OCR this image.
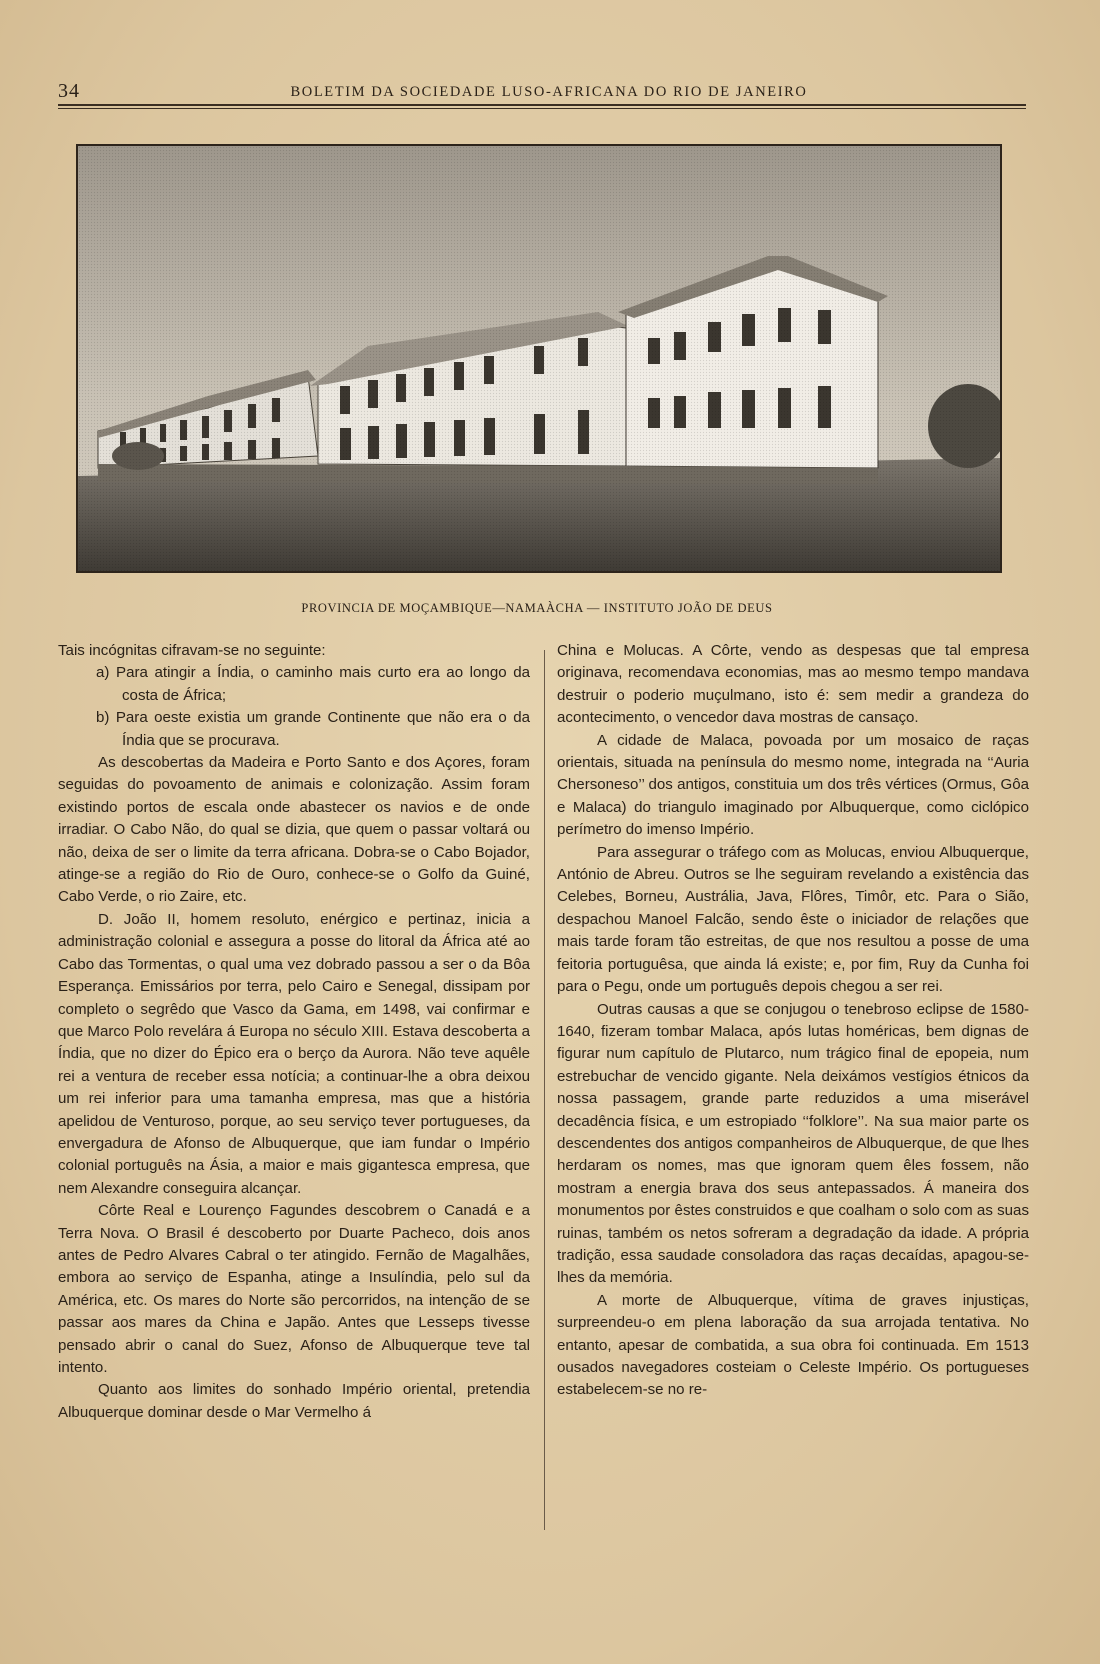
34	BOLETIM DA SOCIEDADE LUSO-AFRICANA DO RIO DE JANEIRO
PROVINCIA DE MOÇAMBIQUE—NAMAÀCHA — INSTITUTO JOÃO DE DEUS

Tais incógnitas cifravam-se no seguinte:

a) Para atingir a Índia, o caminho mais curto era ao longo da costa de África;

b) Para oeste existia um grande Continente que não era o da Índia que se procurava.

As descobertas da Madeira e Porto Santo e dos Açores, foram seguidas do povoamento de animais e colonização. Assim foram existindo portos de escala onde abastecer os navios e de onde irradiar. O Cabo Não, do qual se dizia, que quem o passar voltará ou não, deixa de ser o limite da terra africana. Dobra-se o Cabo Bojador, atinge-se a região do Rio de Ouro, conhece-se o Golfo da Guiné, Cabo Verde, o rio Zaire, etc.

D. João II, homem resoluto, enérgico e pertinaz, inicia a administração colonial e assegura a posse do litoral da África até ao Cabo das Tormentas, o qual uma vez dobrado passou a ser o da Bôa Esperança. Emissários por terra, pelo Cairo e Senegal, dissipam por completo o segrêdo que Vasco da Gama, em 1498, vai confirmar e que Marco Polo revelára á Europa no século XIII. Estava descoberta a Índia, que no dizer do Épico era o berço da Aurora. Não teve aquêle rei a ventura de receber essa notícia; a continuar-lhe a obra deixou um rei inferior para uma tamanha empresa, mas que a história apelidou de Venturoso, porque, ao seu serviço tever portugueses, da envergadura de Afonso de Albuquerque, que iam fundar o Império colonial português na Ásia, a maior e mais gigantesca empresa, que nem Alexandre conseguira alcançar.

Côrte Real e Lourenço Fagundes descobrem o Canadá e a Terra Nova. O Brasil é descoberto por Duarte Pacheco, dois anos antes de Pedro Alvares Cabral o ter atingido. Fernão de Magalhães, embora ao serviço de Espanha, atinge a Insulíndia, pelo sul da América, etc. Os mares do Norte são percorridos, na intenção de se passar aos mares da China e Japão. Antes que Lesseps tivesse pensado abrir o canal do Suez, Afonso de Albuquerque teve tal intento.

Quanto aos limites do sonhado Império oriental, pretendia Albuquerque dominar desde o Mar Vermelho á

China e Molucas. A Côrte, vendo as despesas que tal empresa originava, recomendava economias, mas ao mesmo tempo mandava destruir o poderio muçulmano, isto é: sem medir a grandeza do acontecimento, o vencedor dava mostras de cansaço.

A cidade de Malaca, povoada por um mosaico de raças orientais, situada na península do mesmo nome, integrada na ‘‘Auria Chersoneso’’ dos antigos, constituia um dos três vértices (Ormus, Gôa e Malaca) do triangulo imaginado por Albuquerque, como ciclópico perímetro do imenso Império.

Para assegurar o tráfego com as Molucas, enviou Albuquerque, António de Abreu. Outros se lhe seguiram revelando a existência das Celebes, Borneu, Austrália, Java, Flôres, Timôr, etc. Para o Sião, despachou Manoel Falcão, sendo êste o iniciador de relações que mais tarde foram tão estreitas, de que nos resultou a posse de uma feitoria portuguêsa, que ainda lá existe; e, por fim, Ruy da Cunha foi para o Pegu, onde um português depois chegou a ser rei.

Outras causas a que se conjugou o tenebroso eclipse de 1580-1640, fizeram tombar Malaca, após lutas homéricas, bem dignas de figurar num capítulo de Plutarco, num trágico final de epopeia, num estrebuchar de vencido gigante. Nela deixámos vestígios étnicos da nossa passagem, grande parte reduzidos a uma miserável decadência física, e um estropiado ‘‘folklore’’. Na sua maior parte os descendentes dos antigos companheiros de Albuquerque, de que lhes herdaram os nomes, mas que ignoram quem êles fossem, não mostram a energia brava dos seus antepassados. Á maneira dos monumentos por êstes construidos e que coalham o solo com as suas ruinas, também os netos sofreram a degradação da idade. A própria tradição, essa saudade consoladora das raças decaídas, apagou-se-lhes da memória.

A morte de Albuquerque, vítima de graves injustiças, surpreendeu-o em plena laboração da sua arrojada tentativa. No entanto, apesar de combatida, a sua obra foi continuada. Em 1513 ousados navegadores costeiam o Celeste Império. Os portugueses estabelecem-se no re-
